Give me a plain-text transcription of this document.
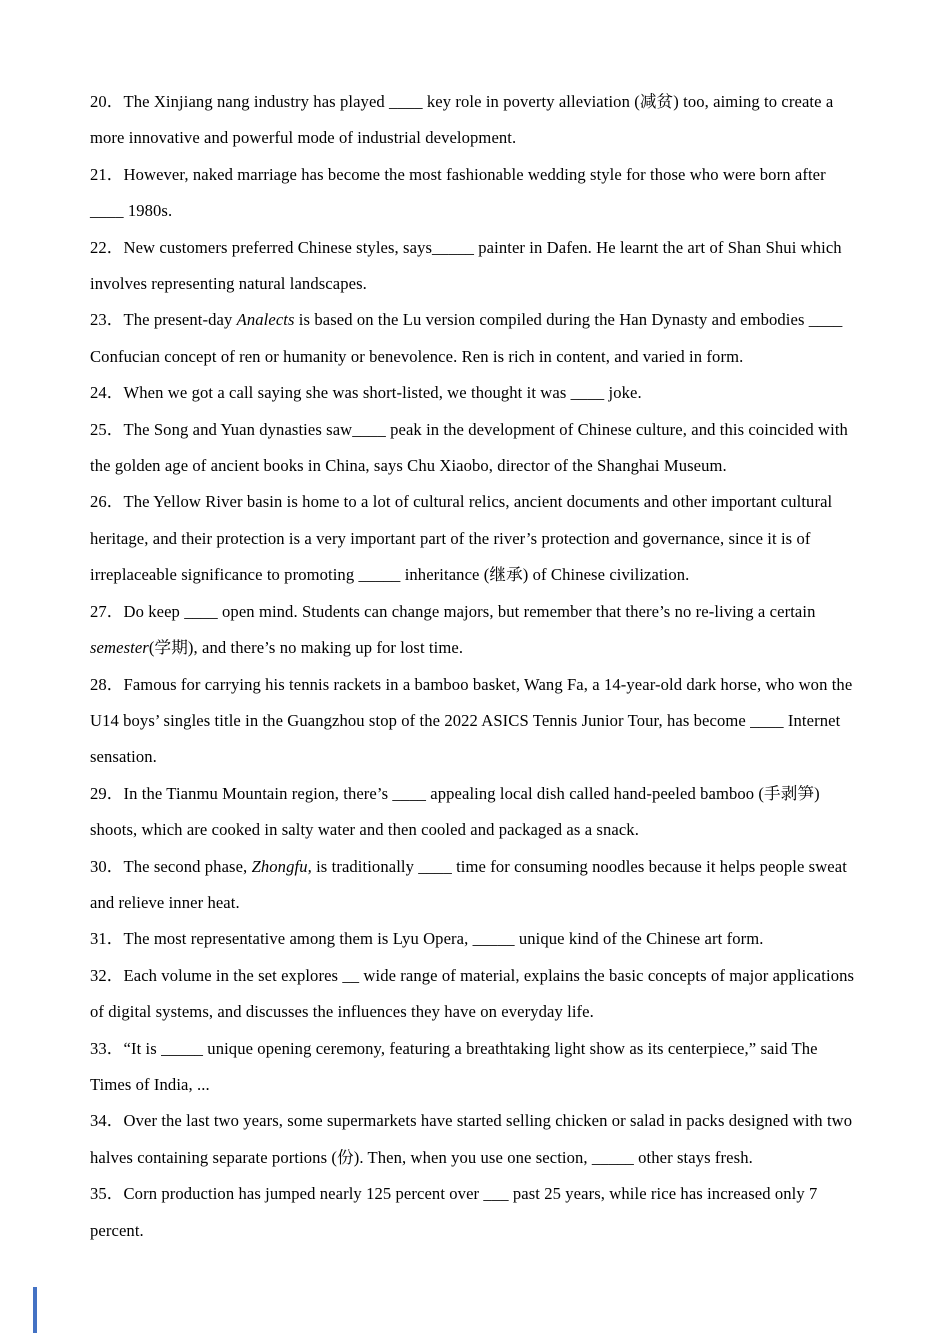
20．The Xinjiang nang industry has played ____ key role in poverty alleviation (减贫) too, aiming to create a more innovative and powerful mode of industrial development.

21．However, naked marriage has become the most fashionable wedding style for those who were born after ____ 1980s.

22．New customers preferred Chinese styles, says_____ painter in Dafen. He learnt the art of Shan Shui which involves representing natural landscapes.

23．The present-day Analects is based on the Lu version compiled during the Han Dynasty and embodies ____ Confucian concept of ren or humanity or benevolence. Ren is rich in content, and varied in form.

24．When we got a call saying she was short-listed, we thought it was ____ joke.

25．The Song and Yuan dynasties saw____ peak in the development of Chinese culture, and this coincided with the golden age of ancient books in China, says Chu Xiaobo, director of the Shanghai Museum.

26．The Yellow River basin is home to a lot of cultural relics, ancient documents and other important cultural heritage, and their protection is a very important part of the river’s protection and governance, since it is of irreplaceable significance to promoting _____ inheritance (继承) of Chinese civilization.

27．Do keep ____ open mind. Students can change majors, but remember that there’s no re-living a certain semester(学期), and there’s no making up for lost time.

28．Famous for carrying his tennis rackets in a bamboo basket, Wang Fa, a 14-year-old dark horse, who won the U14 boys’ singles title in the Guangzhou stop of the 2022 ASICS Tennis Junior Tour, has become ____ Internet sensation.

29．In the Tianmu Mountain region, there’s ____ appealing local dish called hand-peeled bamboo (手剥笋) shoots, which are cooked in salty water and then cooled and packaged as a snack.

30．The second phase, Zhongfu, is traditionally ____ time for consuming noodles because it helps people sweat and relieve inner heat.

31．The most representative among them is Lyu Opera, _____ unique kind of the Chinese art form.

32．Each volume in the set explores __ wide range of material, explains the basic concepts of major applications of digital systems, and discusses the influences they have on everyday life.

33．“It is _____ unique opening ceremony, featuring a breathtaking light show as its centerpiece,” said The Times of India, ...

34．Over the last two years, some supermarkets have started selling chicken or salad in packs designed with two halves containing separate portions (份). Then, when you use one section, _____ other stays fresh.

35．Corn production has jumped nearly 125 percent over ___ past 25 years, while rice has increased only 7 percent.
